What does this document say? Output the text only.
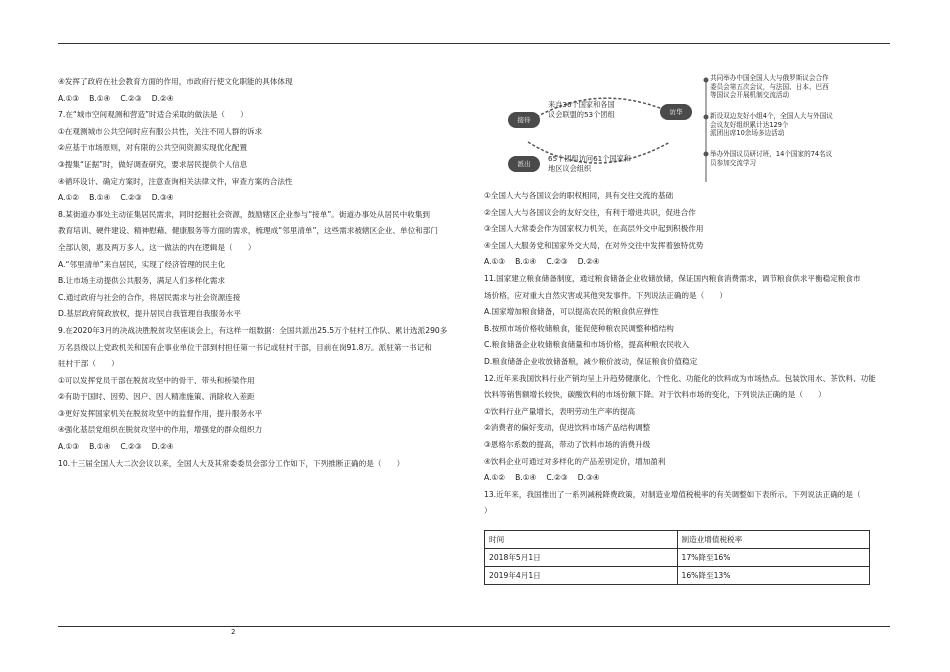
④发挥了政府在社会教育方面的作用，市政府行使文化职能的具体体现
A.①③ B.①④ C.②③ D.②④
7.在“城市空间观测和营造”时适合采取的做法是（　　）
①在观测城市公共空间时应有服公共性，关注不同人群的诉求
②应基于市场原则，对有限的公共空间资源实现优化配置
③搜集“证据”时，做好调查研究，要求居民提供个人信息
④循环设计、确定方案时，注意查询相关法律文件，审查方案的合法性
A.①② B.①④ C.②③ D.③④
8.某街道办事处主动征集居民需求，同时挖掘社会资源，鼓励辖区企业参与“接单”。街道办事处从居民中收集到
教育培训、硬件建设、精神慰藉、健康服务等方面的需求，梳理成“邻里清单”，这些需求被辖区企业、单位和部门
全部认领，惠及两万多人。这一做法的内在逻辑是（　　）
A.“邻里清单”来自居民，实现了经济管理的民主化
B.让市场主动提供公共服务，满足人们多样化需求
C.通过政府与社会的合作，将居民需求与社会资源连接
D.基层政府简政放权，提升居民自我管理自我服务水平
9.在2020年3月的决战决胜脱贫攻坚座谈会上，有这样一组数据：全国共派出25.5万个驻村工作队、累计选派290多
万名县级以上党政机关和国有企事业单位干部到村担任第一书记或驻村干部，目前在岗91.8万。派驻第一书记和
驻村干部（　　）
①可以发挥党员干部在脱贫攻坚中的骨干、带头和桥梁作用
②有助于国时、因势、因户、因人精准施策、消除收入差距
③更好发挥国家机关在脱贫攻坚中的监督作用，提升服务水平
④强化基层党组织在脱贫攻坚中的作用，增强党的群众组织力
A.①③ B.①④ C.②③ D.②④
10.十三届全国人大二次会议以来，全国人大及其常委委员会部分工作如下，下列推断正确的是（　　）
接待
访华
派出
来自36个国家和各国
议会联盟的53个团组
65个团组访问61个国家和
地区议会组织
共同举办中国全国人大与俄罗斯议会合作
委员会第五次会议，与法国、日本、巴西
等国议会开展机制交流活动
新设双边友好小组4个，全国人大与外国议
会议友好组织累计达129个
派团出席10余场多边活动
举办外国议员研讨班，14个国家的74名议
员参加交流学习
①全国人大与各国议会的职权相同，具有交往交流的基础
②全国人大与各国议会的友好交往，有利于增进共识，促进合作
③全国人大常委会作为国家权力机关，在高层外交中起到积极作用
④全国人大服务党和国家外交大局，在对外交往中发挥着独特优势
A.①③ B.①④ C.②③ D.②④
11.国家建立粮食储备制度，通过粮食储备企业收储放储，保证国内粮食消费需求，调节粮食供求平衡稳定粮食市
场价格，应对重大自然灾害或其他突发事件。下列说法正确的是（　　）
A.国家增加粮食储备，可以提高农民的粮食供应弹性
B.按照市场价格收储粮食，能促使种粮农民调整种植结构
C.粮食储备企业收储粮食储量和市场价格，提高种粮农民收入
D.粮食储备企业收放储备粮，减少粮价波动，保证粮食价值稳定
12.近年来我国饮料行业产销均呈上升趋势健康化、个性化、功能化的饮料成为市场热点。包装饮用水、茶饮料、功能
饮料等销售额增长较快，碳酸饮料的市场份额下降。对于饮料市场的变化，下列说法正确的是（　　）
①饮料行业产量增长，表明劳动生产率的提高
②消费者的偏好变动，促进饮料市场产品结构调整
③恩格尔系数的提高，带动了饮料市场的消费升级
④饮料企业可通过对多样化的产品差别定价，增加盈利
A.①② B.①④ C.②③ D.③④
13.近年来，我国推出了一系列减税降费政策，对制造业增值税税率的有关调整如下表所示。下列说法正确的是（
）
时间	制造业增值税税率
2018年5月1日	17%降至16%
2019年4月1日	16%降至13%
2
